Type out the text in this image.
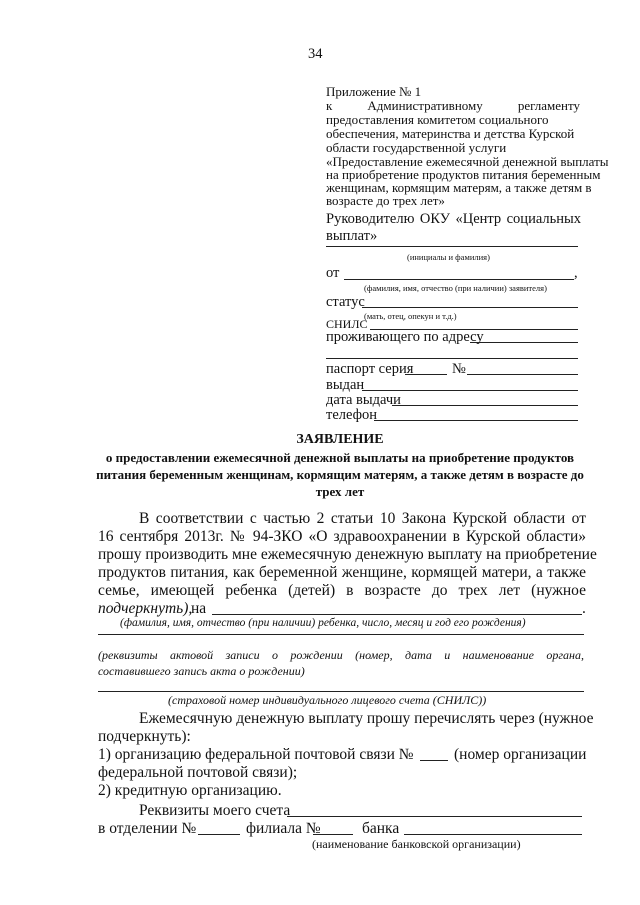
34
Приложение № 1
к Административному регламенту
предоставления комитетом социального
обеспечения, материнства и детства Курской
области государственной услуги
«Предоставление ежемесячной денежной выплаты
на приобретение продуктов питания беременным
женщинам, кормящим матерям, а также детям в
возрасте до трех лет»
Руководителю ОКУ «Центр социальных
выплат»
(инициалы и фамилия)
от	,
(фамилия, имя, отчество (при наличии) заявителя)
статус
(мать, отец, опекун и т.д.)
СНИЛС
проживающего по адресу
паспорт серия	№
выдан
дата выдачи
телефон
ЗАЯВЛЕНИЕ
о предоставлении ежемесячной денежной выплаты на приобретение продуктов
питания беременным женщинам, кормящим матерям, а также детям в возрасте до
трех лет
В соответствии с частью 2 статьи 10 Закона Курской области от
16 сентября 2013г. № 94-ЗКО «О здравоохранении в Курской области»
прошу производить мне ежемесячную денежную выплату на приобретение
продуктов питания, как беременной женщине, кормящей матери, а также
семье, имеющей ребенка (детей) в возрасте до трех лет (нужное
подчеркнуть),
на	.
(фамилия, имя, отчество (при наличии) ребенка, число, месяц и год его рождения)
(реквизиты актовой записи о рождении (номер, дата и наименование органа,
составившего запись акта о рождении)
(страховой номер индивидуального лицевого счета (СНИЛС))
Ежемесячную денежную выплату прошу перечислять через (нужное
подчеркнуть):
1) организацию федеральной почтовой связи №	(номер организации
федеральной почтовой связи);
2) кредитную организацию.
Реквизиты моего счета
в отделении №	филиала №	банка
(наименование банковской организации)
